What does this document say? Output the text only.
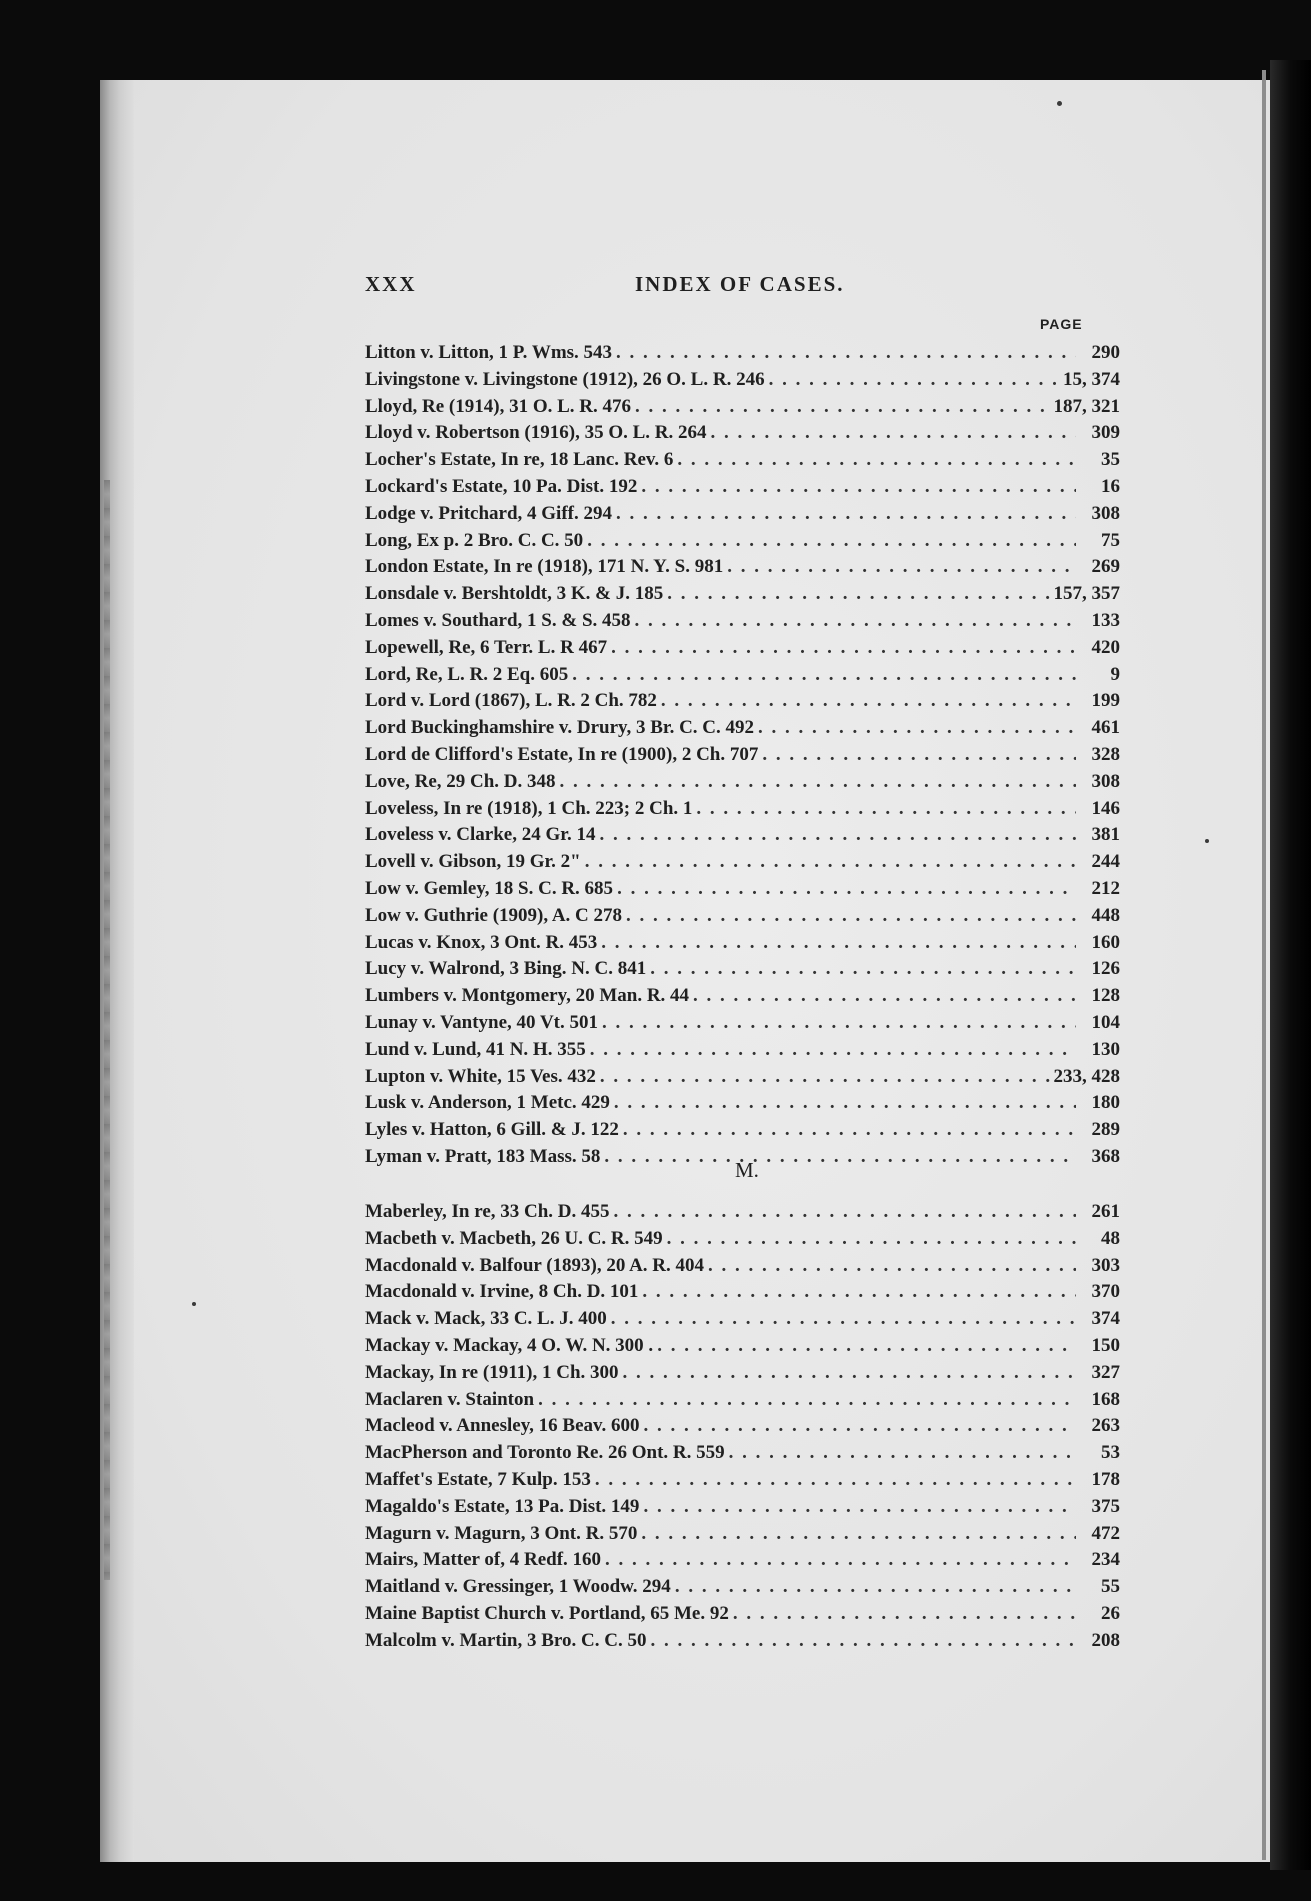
XXX	INDEX OF CASES.
PAGE
Litton v. Litton, 1 P. Wms. 543 . . .	290
Livingstone v. Livingstone (1912), 26 O. L. R. 246 . . .	15, 374
Lloyd, Re (1914), 31 O. L. R. 476 . . .	187, 321
Lloyd v. Robertson (1916), 35 O. L. R. 264 . . .	309
Locher's Estate, In re, 18 Lanc. Rev. 6 . . .	35
Lockard's Estate, 10 Pa. Dist. 192 . . .	16
Lodge v. Pritchard, 4 Giff. 294 . . .	308
Long, Ex p. 2 Bro. C. C. 50 . . .	75
London Estate, In re (1918), 171 N. Y. S. 981 . . .	269
Lonsdale v. Bershtoldt, 3 K. & J. 185 . . .	157, 357
Lomes v. Southard, 1 S. & S. 458 . . .	133
Lopewell, Re, 6 Terr. L. R 467 . . .	420
Lord, Re, L. R. 2 Eq. 605 . . .	9
Lord v. Lord (1867), L. R. 2 Ch. 782 . . .	199
Lord Buckinghamshire v. Drury, 3 Br. C. C. 492 . . .	461
Lord de Clifford's Estate, In re (1900), 2 Ch. 707 . . .	328
Love, Re, 29 Ch. D. 348 . . .	308
Loveless, In re (1918), 1 Ch. 223; 2 Ch. 1 . . .	146
Loveless v. Clarke, 24 Gr. 14 . . .	381
Lovell v. Gibson, 19 Gr. 2" . . .	244
Low v. Gemley, 18 S. C. R. 685 . . .	212
Low v. Guthrie (1909), A. C 278 . . .	448
Lucas v. Knox, 3 Ont. R. 453 . . .	160
Lucy v. Walrond, 3 Bing. N. C. 841 . . .	126
Lumbers v. Montgomery, 20 Man. R. 44 . . .	128
Lunay v. Vantyne, 40 Vt. 501 . . .	104
Lund v. Lund, 41 N. H. 355 . . .	130
Lupton v. White, 15 Ves. 432 . . .	233, 428
Lusk v. Anderson, 1 Metc. 429 . . .	180
Lyles v. Hatton, 6 Gill. & J. 122 . . .	289
Lyman v. Pratt, 183 Mass. 58 . . .	368
M.
Maberley, In re, 33 Ch. D. 455 . . .	261
Macbeth v. Macbeth, 26 U. C. R. 549 . . .	48
Macdonald v. Balfour (1893), 20 A. R. 404 . . .	303
Macdonald v. Irvine, 8 Ch. D. 101 . . .	370
Mack v. Mack, 33 C. L. J. 400 . . .	374
Mackay v. Mackay, 4 O. W. N. 300 . . . .	150
Mackay, In re (1911), 1 Ch. 300 . . .	327
Maclaren v. Stainton . . .	168
Macleod v. Annesley, 16 Beav. 600 . . .	263
MacPherson and Toronto Re. 26 Ont. R. 559 . . .	53
Maffet's Estate, 7 Kulp. 153 . . .	178
Magaldo's Estate, 13 Pa. Dist. 149 . . .	375
Magurn v. Magurn, 3 Ont. R. 570 . . .	472
Mairs, Matter of, 4 Redf. 160 . . .	234
Maitland v. Gressinger, 1 Woodw. 294 . . .	55
Maine Baptist Church v. Portland, 65 Me. 92 . . .	26
Malcolm v. Martin, 3 Bro. C. C. 50 . . .	208
